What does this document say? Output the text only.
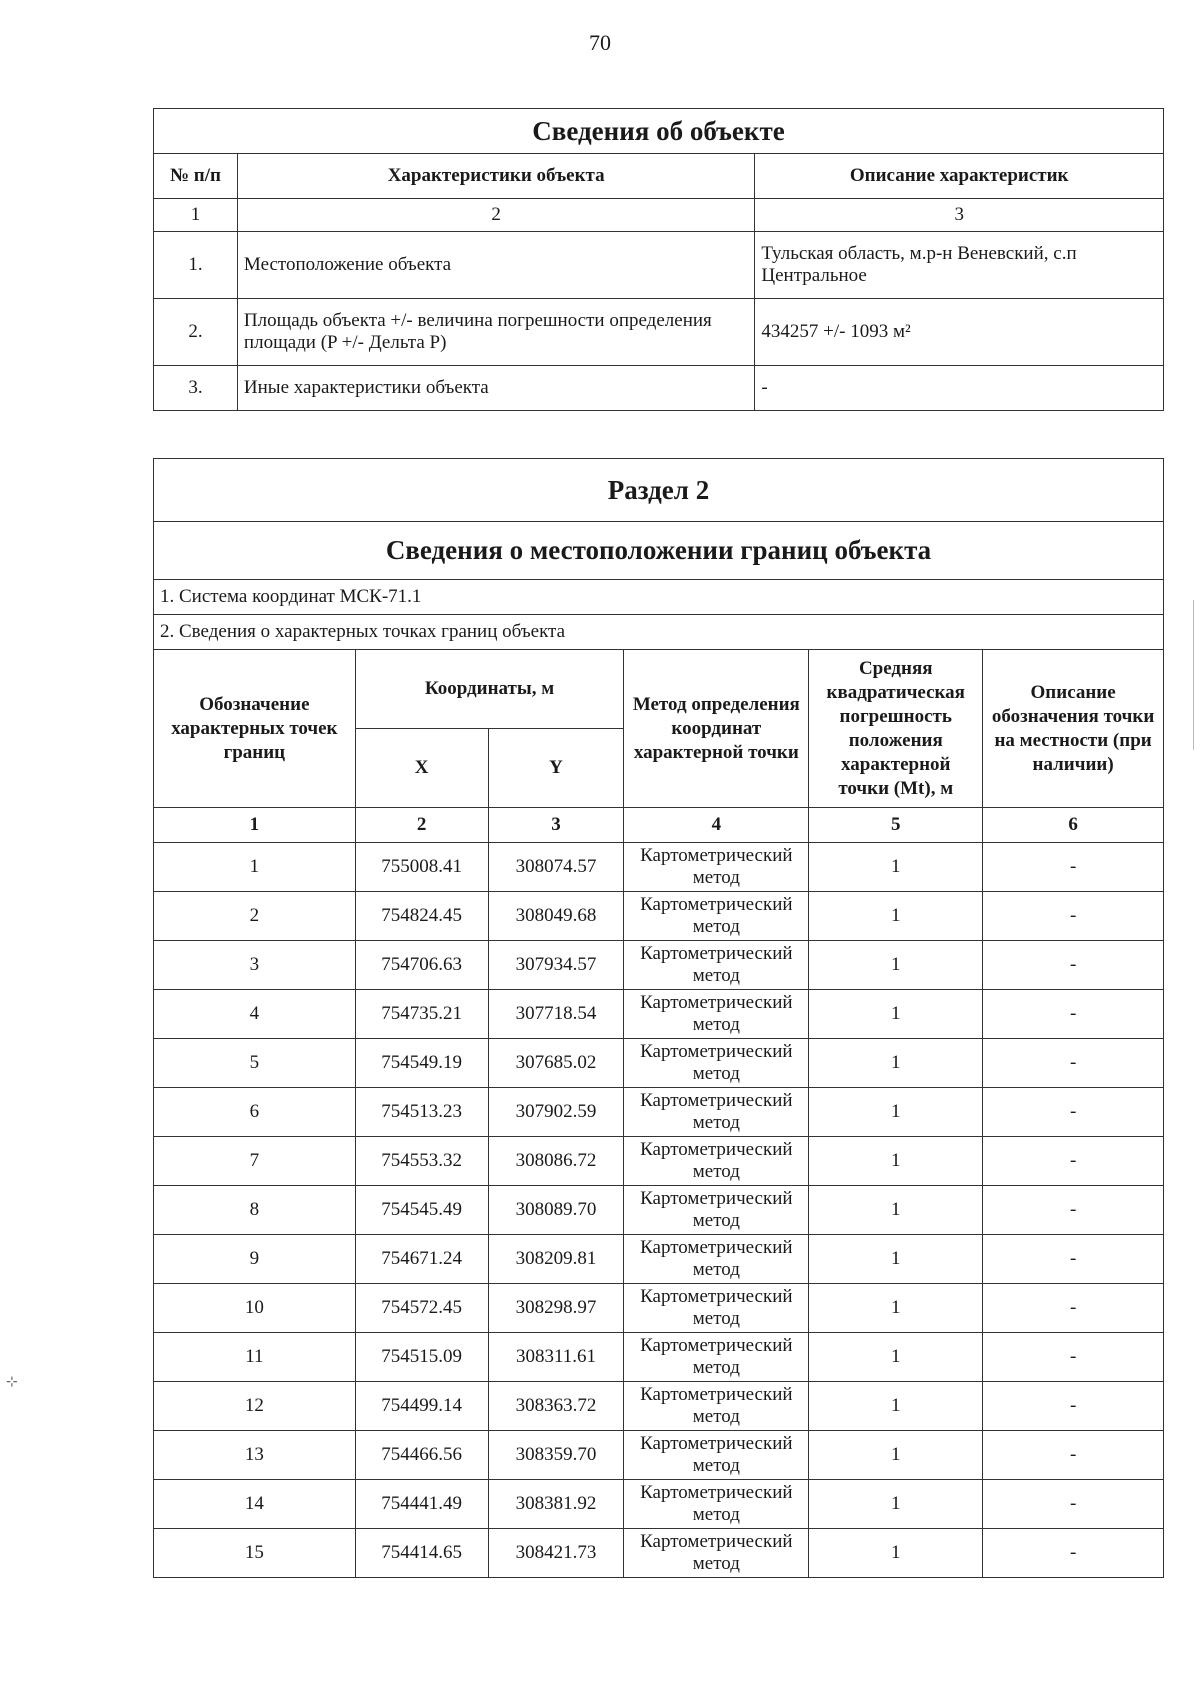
70
Сведения об объекте		
№ п/п	Характеристики объекта	Описание характеристик
1	2	3
1.	Местоположение объекта	Тульская область, м.р-н Веневский, с.п Центральное
2.	Площадь объекта +/- величина погрешности определения площади (P +/- Дельта P)	434257 +/- 1093 м²
3.	Иные характеристики объекта	-
Раздел 2					
Сведения о местоположении границ объекта					
1. Система координат МСК-71.1					
2. Сведения о характерных точках границ объекта					
Обозначение характерных точек границ	Координаты, м		Метод определения координат характерной точки	Средняя квадратическая погрешность положения характерной точки (Mt), м	Описание обозначения точки на местности (при наличии)
	X	Y			
1	2	3	4	5	6
1	755008.41	308074.57	Картометрический метод	1	-
2	754824.45	308049.68	Картометрический метод	1	-
3	754706.63	307934.57	Картометрический метод	1	-
4	754735.21	307718.54	Картометрический метод	1	-
5	754549.19	307685.02	Картометрический метод	1	-
6	754513.23	307902.59	Картометрический метод	1	-
7	754553.32	308086.72	Картометрический метод	1	-
8	754545.49	308089.70	Картометрический метод	1	-
9	754671.24	308209.81	Картометрический метод	1	-
10	754572.45	308298.97	Картометрический метод	1	-
11	754515.09	308311.61	Картометрический метод	1	-
12	754499.14	308363.72	Картометрический метод	1	-
13	754466.56	308359.70	Картометрический метод	1	-
14	754441.49	308381.92	Картометрический метод	1	-
15	754414.65	308421.73	Картометрический метод	1	-
⊹
